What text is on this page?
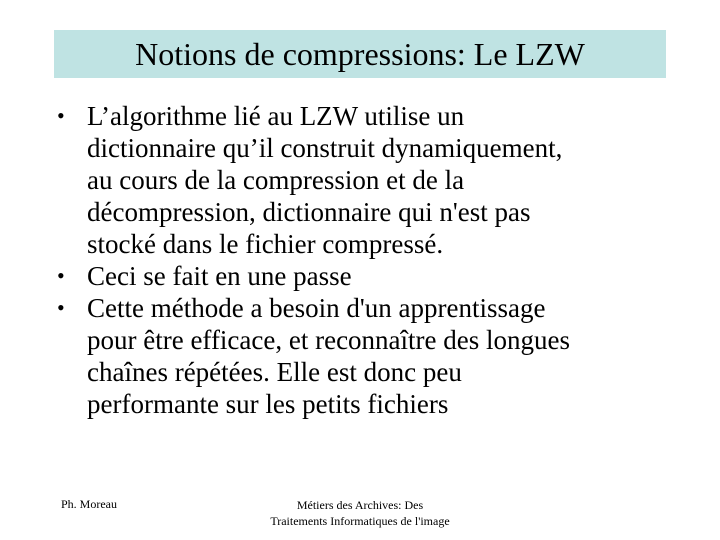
Notions de compressions: Le LZW
• L’algorithme lié au LZW utilise un
dictionnaire qu’il construit dynamiquement,
au cours de la compression et de la
décompression, dictionnaire qui n'est pas
stocké dans le fichier compressé.
• Ceci se fait en une passe
• Cette méthode a besoin d'un apprentissage
pour être efficace, et reconnaître des longues
chaînes répétées. Elle est donc peu
performante sur les petits fichiers
Ph. Moreau	Métiers des Archives: Des
Traitements Informatiques de l'image
